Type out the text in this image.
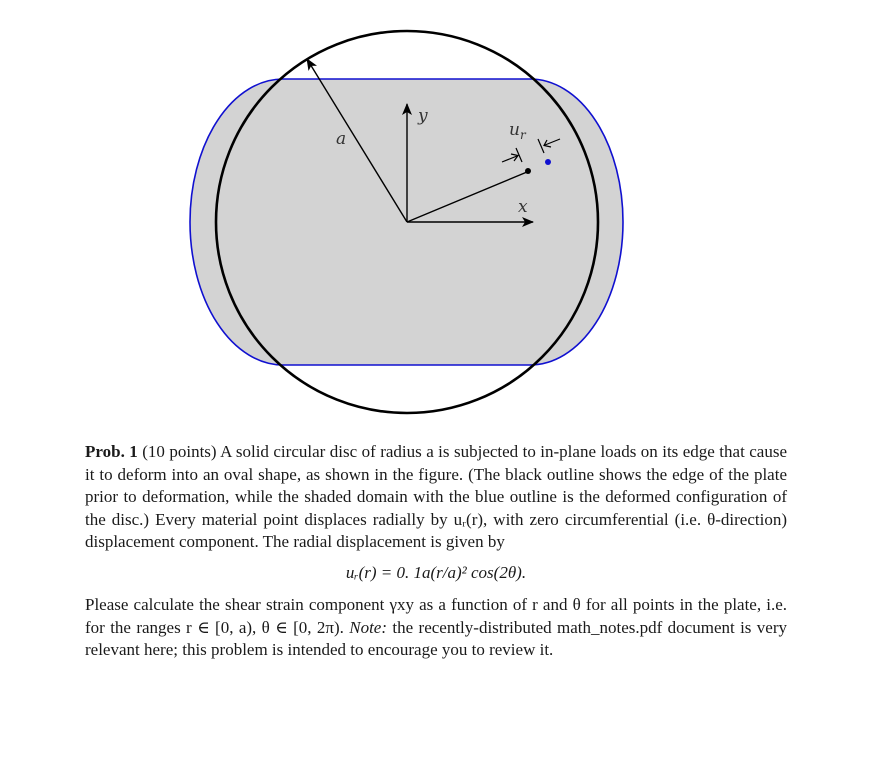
a
y
x
$u_r$

Prob. 1 (10 points) A solid circular disc of radius a is subjected to in-plane loads on its edge that cause it to deform into an oval shape, as shown in the figure. (The black outline shows the edge of the plate prior to deformation, while the shaded domain with the blue outline is the deformed configuration of the disc.) Every material point displaces radially by uᵣ(r), with zero circumferential (i.e. θ-direction) displacement component. The radial displacement is given by

uᵣ(r) = 0. 1a(r/a)² cos(2θ).

Please calculate the shear strain component γxy as a function of r and θ for all points in the plate, i.e. for the ranges r ∈ [0, a), θ ∈ [0, 2π). Note: the recently-distributed math_notes.pdf document is very relevant here; this problem is intended to encourage you to review it.
